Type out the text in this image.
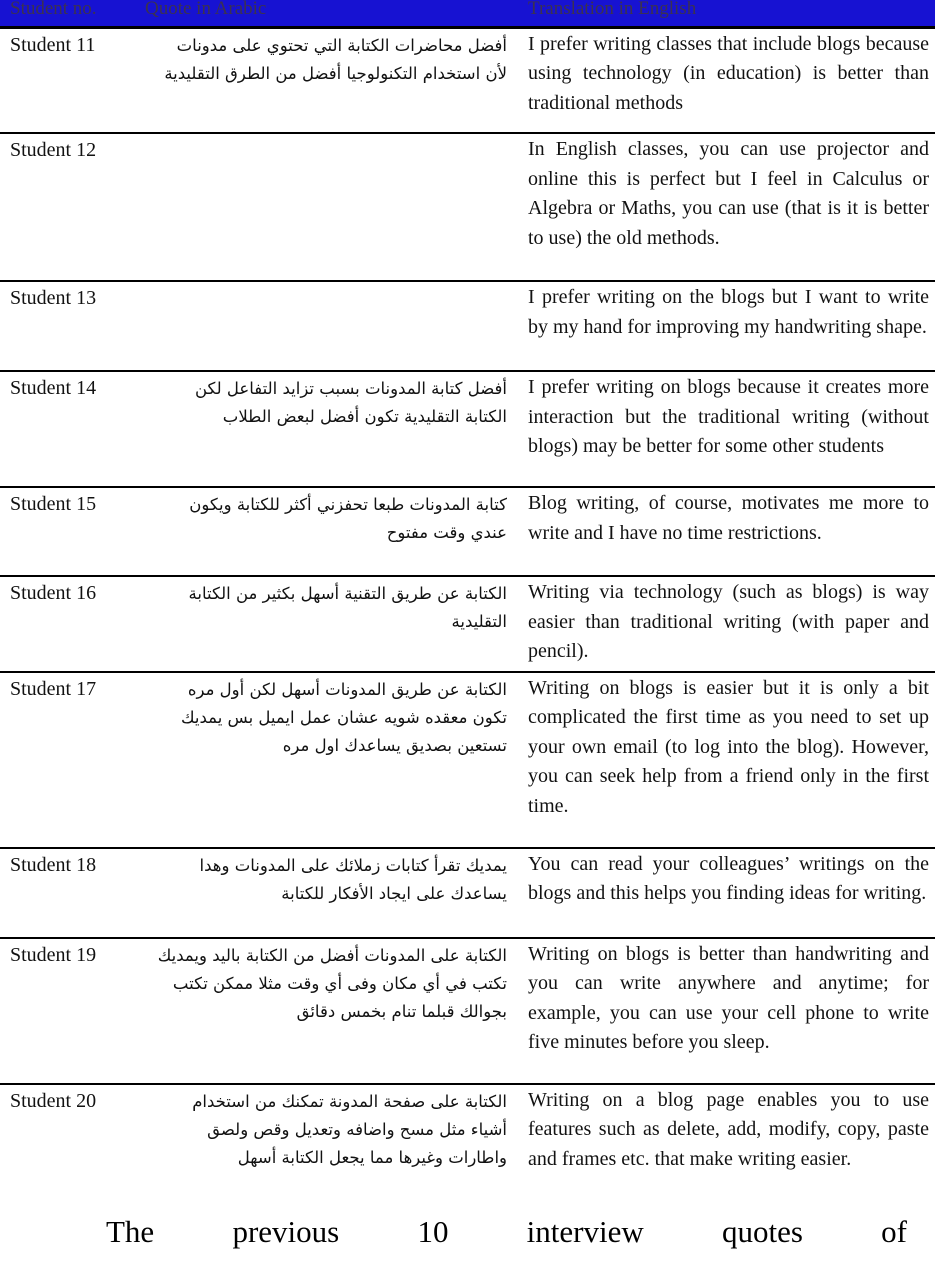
Student no.	Quote in Arabic	Translation in English

Student 11	أفضل محاضرات الكتابة التي تحتوي على مدونات لأن استخدام التكنولوجيا أفضل من الطرق التقليدية	I prefer writing classes that include blogs because using technology (in education) is better than traditional methods
Student 12		In English classes, you can use projector and online this is perfect but I feel in Calculus or Algebra or Maths, you can use (that is it is better to use) the old methods.
Student 13		I prefer writing on the blogs but I want to write by my hand for improving my handwriting shape.
Student 14	أفضل كتابة المدونات بسبب تزايد التفاعل لكن الكتابة التقليدية تكون أفضل لبعض الطلاب	I prefer writing on blogs because it creates more interaction but the traditional writing (without blogs) may be better for some other students
Student 15	كتابة المدونات طبعا تحفزني أكثر للكتابة ويكون عندي وقت مفتوح	Blog writing, of course, motivates me more to write and I have no time restrictions.
Student 16	الكتابة عن طريق التقنية أسهل بكثير من الكتابة التقليدية	Writing via technology (such as blogs) is way easier than traditional writing (with paper and pencil).
Student 17	الكتابة عن طريق المدونات أسهل لكن أول مره تكون معقده شويه عشان عمل ايميل بس يمديك تستعين بصديق يساعدك اول مره	Writing on blogs is easier but it is only a bit complicated the first time as you need to set up your own email (to log into the blog). However, you can seek help from a friend only in the first time.
Student 18	يمديك تقرأ كتابات زملائك على المدونات وهدا يساعدك على ايجاد الأفكار للكتابة	You can read your colleagues’ writings on the blogs and this helps you finding ideas for writing.
Student 19	الكتابة على المدونات أفضل من الكتابة باليد ويمديك تكتب في أي مكان وفى أي وقت مثلا ممكن تكتب بجوالك قبلما تنام بخمس دقائق	Writing on blogs is better than handwriting and you can write anywhere and anytime; for example, you can use your cell phone to write five minutes before you sleep.
Student 20	الكتابة على صفحة المدونة تمكنك من استخدام أشياء مثل مسح واضافه وتعديل وقص ولصق واطارات وغيرها مما يجعل الكتابة أسهل	Writing on a blog page enables you to use features such as delete, add, modify, copy, paste and frames etc. that make writing easier.

The previous 10 interview quotes of
